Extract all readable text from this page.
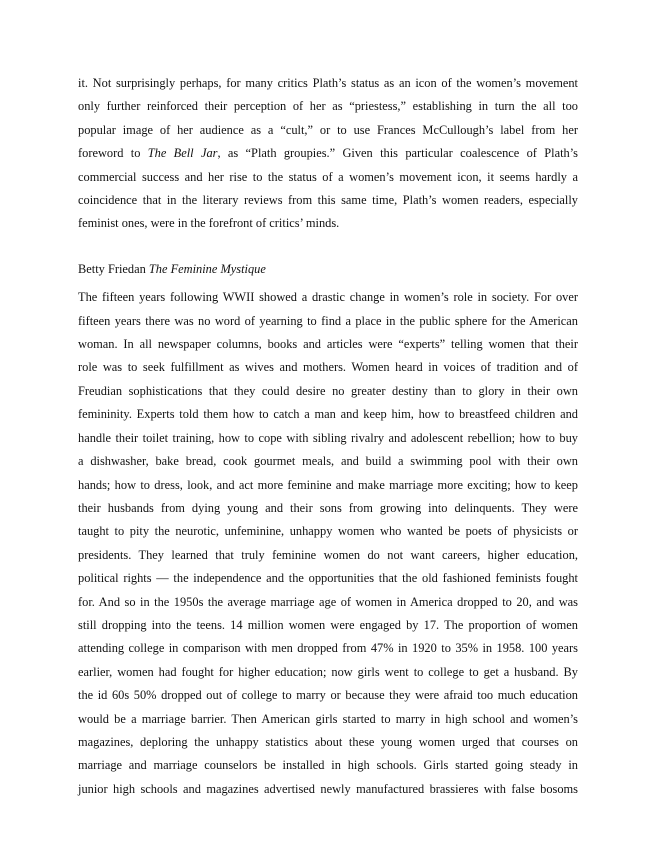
it. Not surprisingly perhaps, for many critics Plath’s status as an icon of the women’s movement
only further reinforced their perception of her as “priestess,” establishing in turn the all too
popular image of her audience as a “cult,” or to use Frances McCullough’s label from her
foreword to The Bell Jar, as “Plath groupies.” Given this particular coalescence of Plath’s
commercial success and her rise to the status of a women’s movement icon, it seems hardly a
coincidence that in the literary reviews from this same time, Plath’s women readers, especially
feminist ones, were in the forefront of critics’ minds.

Betty Friedan The Feminine Mystique

The fifteen years following WWII showed a drastic change in women’s role in society. For over
fifteen years there was no word of yearning to find a place in the public sphere for the American
woman. In all newspaper columns, books and articles were “experts” telling women that their
role was to seek fulfillment as wives and mothers. Women heard in voices of tradition and of
Freudian sophistications that they could desire no greater destiny than to glory in their own
femininity. Experts told them how to catch a man and keep him, how to breastfeed children and
handle their toilet training, how to cope with sibling rivalry and adolescent rebellion; how to buy
a dishwasher, bake bread, cook gourmet meals, and build a swimming pool with their own
hands; how to dress, look, and act more feminine and make marriage more exciting; how to keep
their husbands from dying young and their sons from growing into delinquents. They were
taught to pity the neurotic, unfeminine, unhappy women who wanted be poets of physicists or
presidents. They learned that truly feminine women do not want careers, higher education,
political rights — the independence and the opportunities that the old fashioned feminists fought
for. And so in the 1950s the average marriage age of women in America dropped to 20, and was
still dropping into the teens. 14 million women were engaged by 17. The proportion of women
attending college in comparison with men dropped from 47% in 1920 to 35% in 1958. 100 years
earlier, women had fought for higher education; now girls went to college to get a husband. By
the id 60s 50% dropped out of college to marry or because they were afraid too much education
would be a marriage barrier. Then American girls started to marry in high school and women’s
magazines, deploring the unhappy statistics about these young women urged that courses on
marriage and marriage counselors be installed in high schools. Girls started going steady in
junior high schools and magazines advertised newly manufactured brassieres with false bosoms
